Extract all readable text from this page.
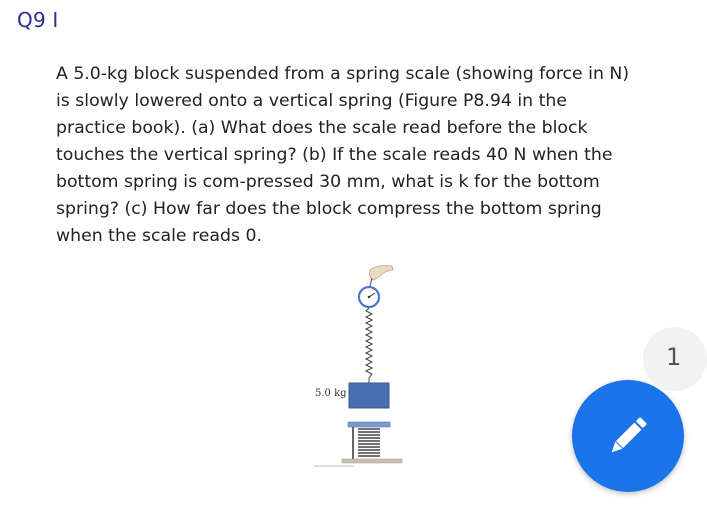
Q9 I
A 5.0-kg block suspended from a spring scale (showing force in N)
is slowly lowered onto a vertical spring (Figure P8.94 in the
practice book). (a) What does the scale read before the block
touches the vertical spring? (b) If the scale reads 40 N when the
bottom spring is com-pressed 30 mm, what is k for the bottom
spring? (c) How far does the block compress the bottom spring
when the scale reads 0.
5.0 kg
1
